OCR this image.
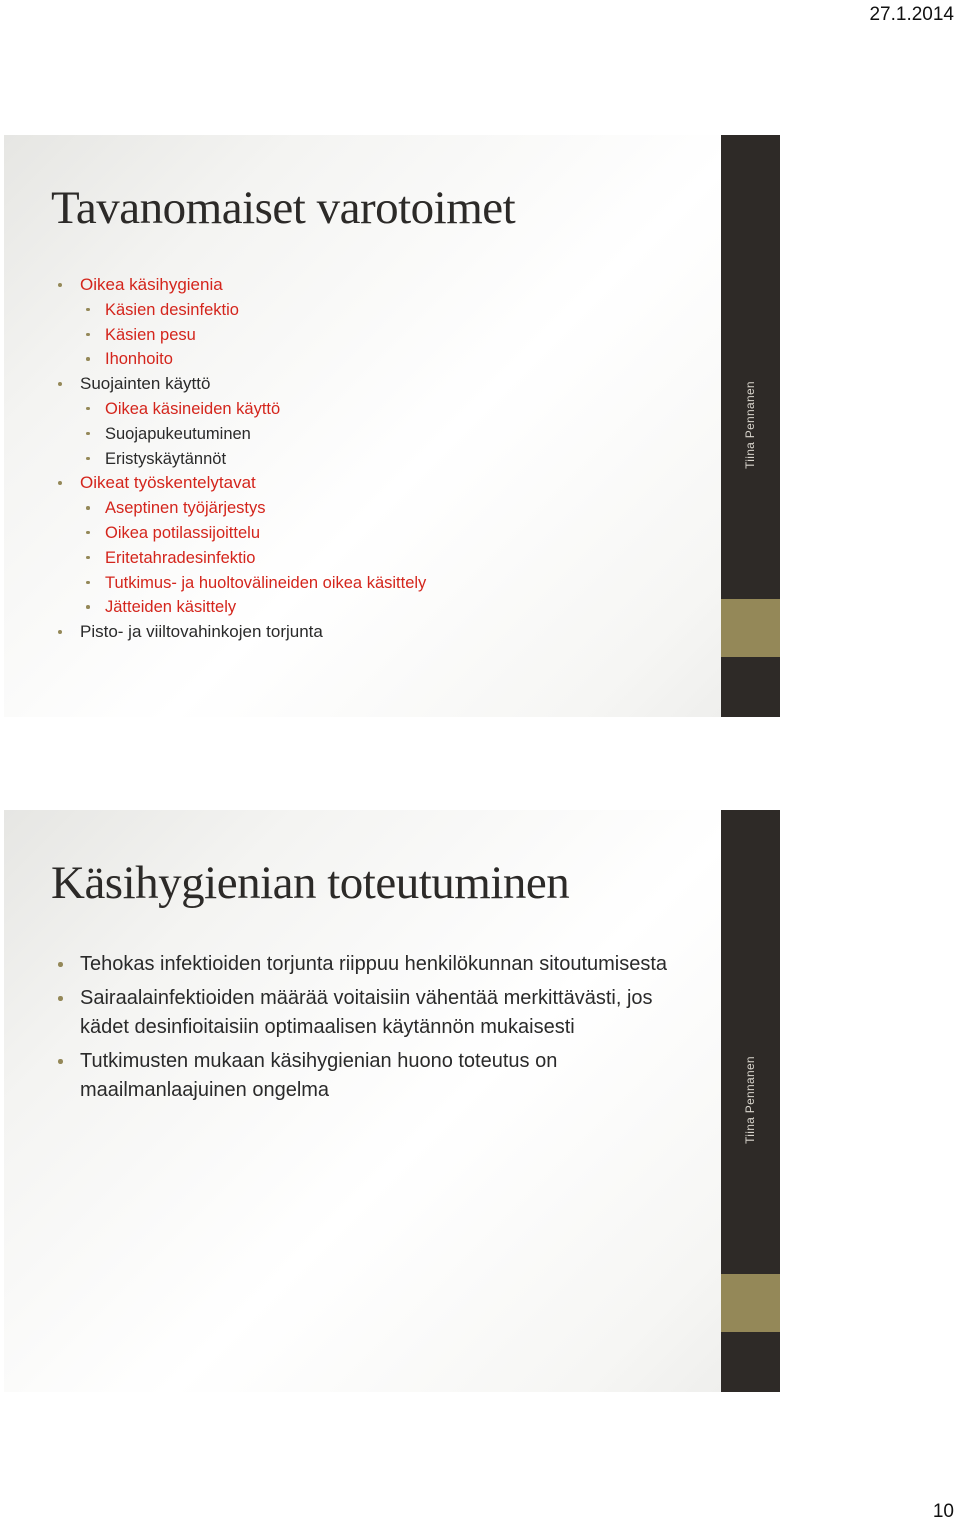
27.1.2014
Tavanomaiset varotoimet
Oikea käsihygienia
Käsien desinfektio
Käsien pesu
Ihonhoito
Suojainten käyttö
Oikea käsineiden käyttö
Suojapukeutuminen
Eristyskäytännöt
Oikeat työskentelytavat
Aseptinen työjärjestys
Oikea potilassijoittelu
Eritetahradesinfektio
Tutkimus- ja huoltovälineiden oikea käsittely
Jätteiden käsittely
Pisto- ja viiltovahinkojen torjunta
Tiina Pennanen
Käsihygienian toteutuminen
Tehokas infektioiden torjunta riippuu henkilökunnan sitoutumisesta
Sairaalainfektioiden määrää voitaisiin vähentää merkittävästi, jos kädet desinfioitaisiin optimaalisen käytännön mukaisesti
Tutkimusten mukaan käsihygienian huono toteutus on maailmanlaajuinen ongelma	Tiina Pennanen
10
